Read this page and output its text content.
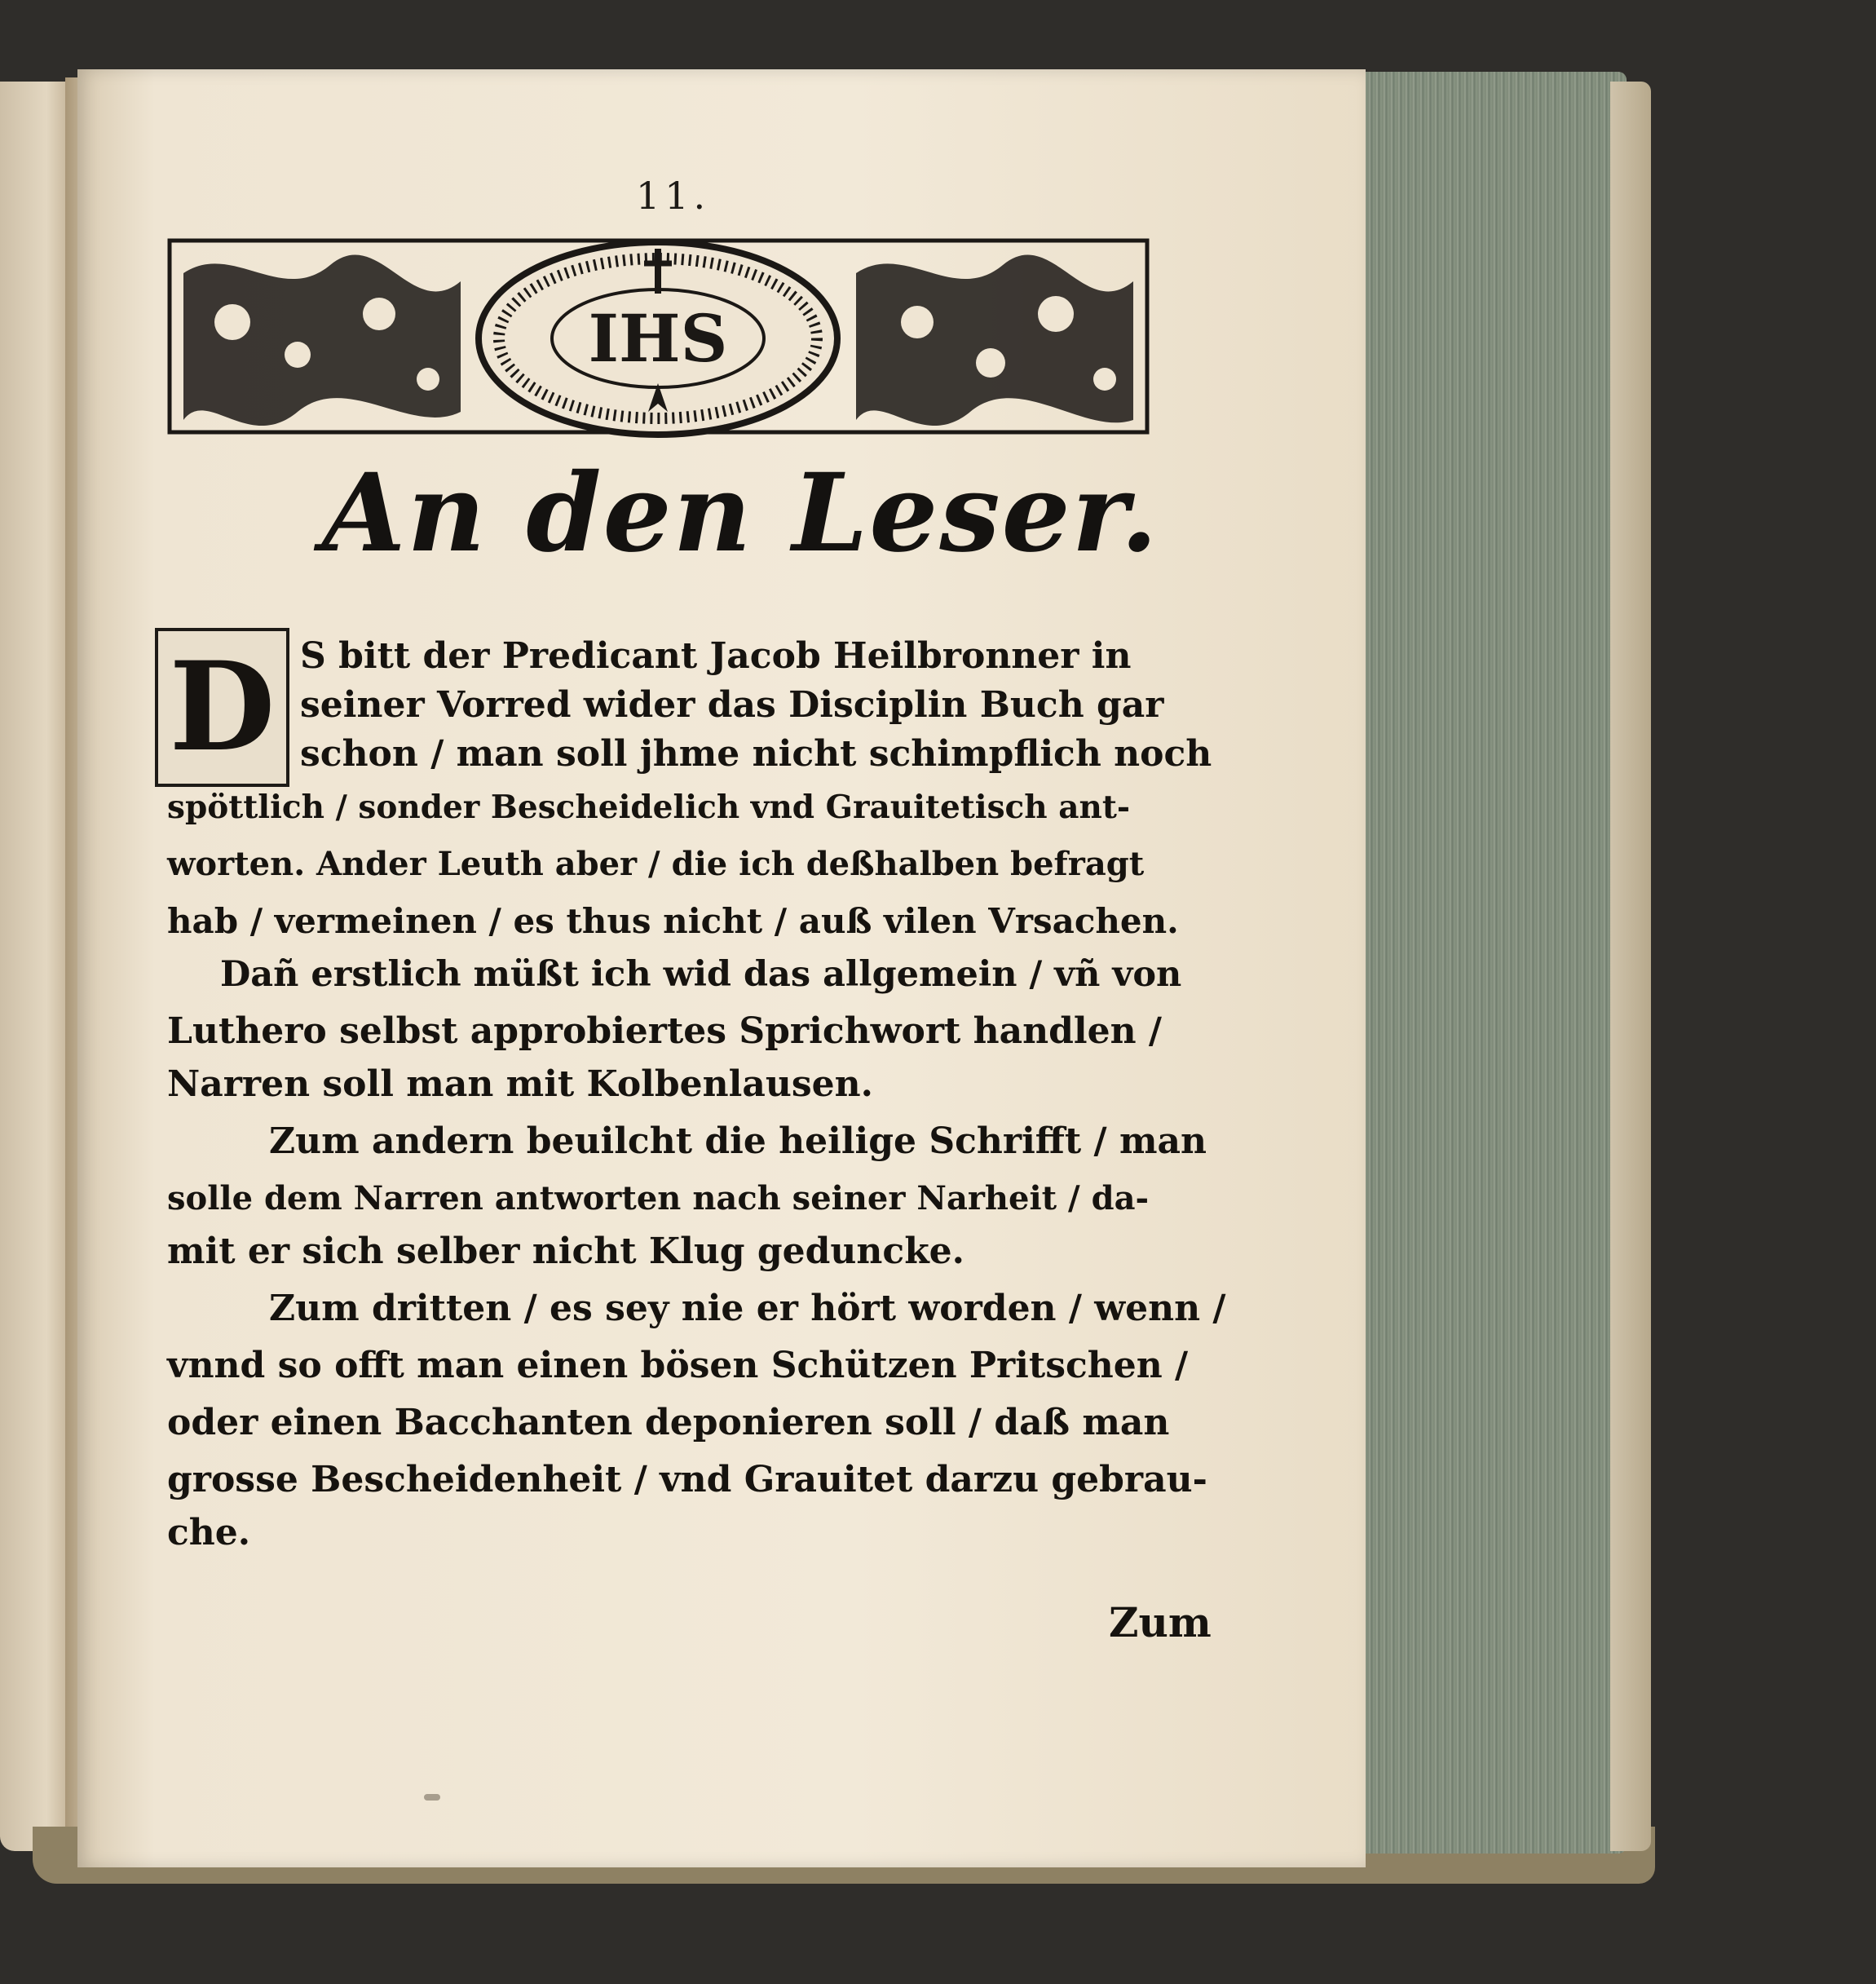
11.
IHS
An den Leser.
D S bitt der Predicant Jacob Heilbronner in
seiner Vorred wider das Disciplin Buch gar
schon / man soll jhme nicht schimpflich noch
spöttlich / sonder Bescheidelich vnd Grauitetisch ant-
worten. Ander Leuth aber / die ich deßhalben befragt
hab / vermeinen / es thus nicht / auß vilen Vrsachen.
Dañ erstlich müßt ich wid das allgemein / vñ von
Luthero selbst approbiertes Sprichwort handlen /
Narren soll man mit Kolbenlausen.
Zum andern beuilcht die heilige Schrifft / man
solle dem Narren antworten nach seiner Narheit / da-
mit er sich selber nicht Klug geduncke.
Zum dritten / es sey nie er hört worden / wenn /
vnnd so offt man einen bösen Schützen Pritschen /
oder einen Bacchanten deponieren soll / daß man
grosse Bescheidenheit / vnd Grauitet darzu gebrau-
che.
Zum
